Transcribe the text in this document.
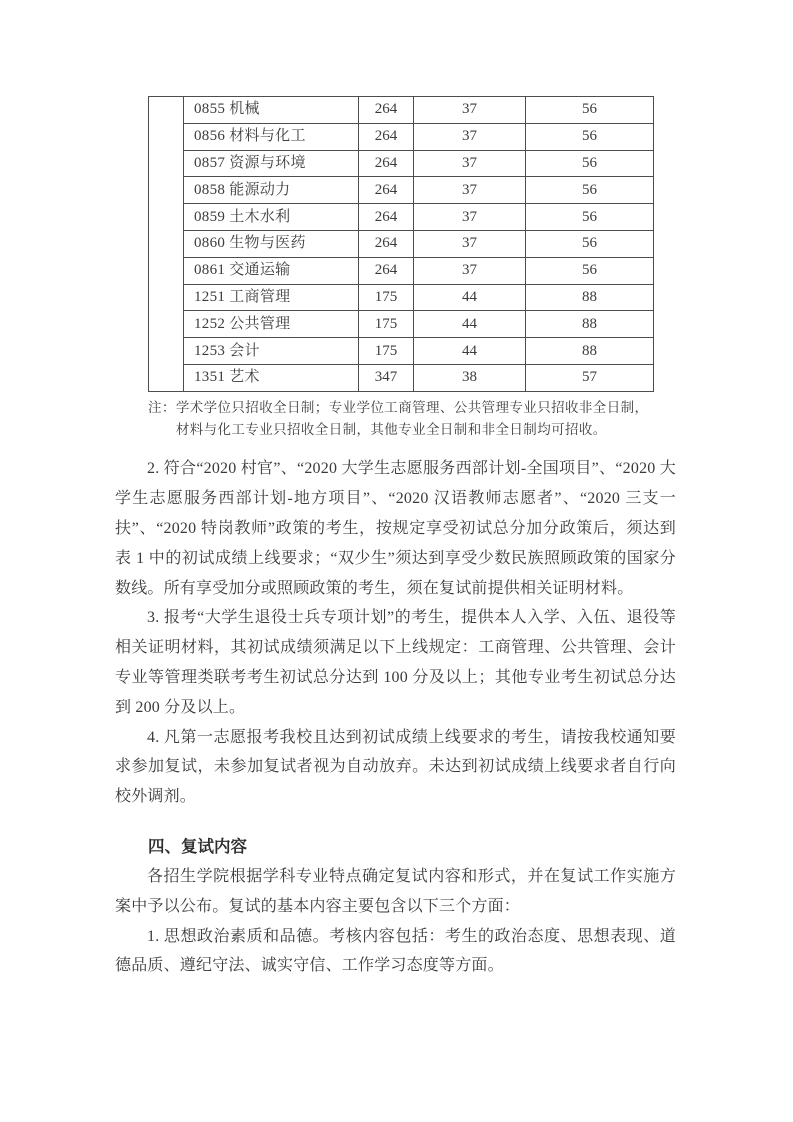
	0855 机械	264	37	56
	0856 材料与化工	264	37	56
	0857 资源与环境	264	37	56
	0858 能源动力	264	37	56
	0859 土木水利	264	37	56
	0860 生物与医药	264	37	56
	0861 交通运输	264	37	56
	1251 工商管理	175	44	88
	1252 公共管理	175	44	88
	1253 会计	175	44	88
	1351 艺术	347	38	57
注： 学术学位只招收全日制；专业学位工商管理、公共管理专业只招收非全日制，
材料与化工专业只招收全日制，其他专业全日制和非全日制均可招收。

2. 符合“2020 村官”、“2020 大学生志愿服务西部计划-全国项目”、“2020 大学生志愿服务西部计划-地方项目”、“2020 汉语教师志愿者”、“2020 三支一扶”、“2020 特岗教师”政策的考生，按规定享受初试总分加分政策后，须达到表 1 中的初试成绩上线要求；“双少生”须达到享受少数民族照顾政策的国家分数线。所有享受加分或照顾政策的考生，须在复试前提供相关证明材料。

3. 报考“大学生退役士兵专项计划”的考生，提供本人入学、入伍、退役等相关证明材料，其初试成绩须满足以下上线规定：工商管理、公共管理、会计专业等管理类联考考生初试总分达到 100 分及以上；其他专业考生初试总分达到 200 分及以上。

4. 凡第一志愿报考我校且达到初试成绩上线要求的考生，请按我校通知要求参加复试，未参加复试者视为自动放弃。未达到初试成绩上线要求者自行向校外调剂。

四、复试内容

各招生学院根据学科专业特点确定复试内容和形式，并在复试工作实施方案中予以公布。复试的基本内容主要包含以下三个方面：

1. 思想政治素质和品德。考核内容包括：考生的政治态度、思想表现、道德品质、遵纪守法、诚实守信、工作学习态度等方面。
